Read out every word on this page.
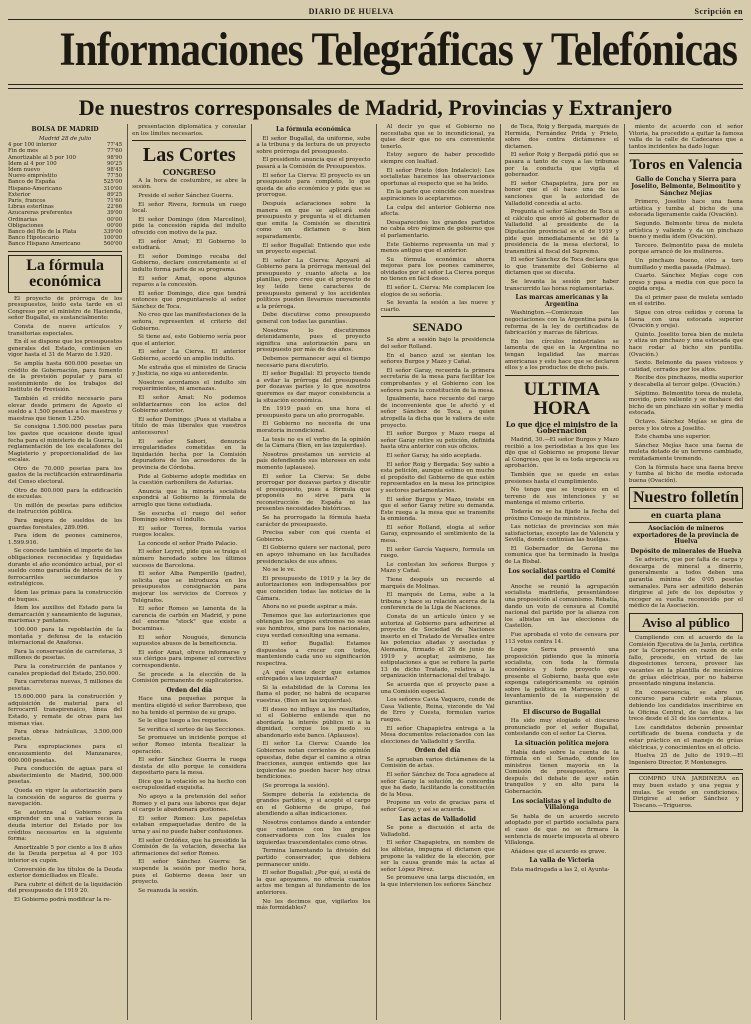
DIARIO DE HUELVA	Scripción en
Informaciones Telegráficas y Telefónicas
De nuestros corresponsales de Madrid, Provincias y Extranjero
BOLSA DE MADRID
Madrid 28 de julio
4 por 100 interior	77'45
Fin de mes	77'60
Amortizable al 5 por 100	98'90
Ídem al 4 por 100	90'25
Ídem nuevo	98'45
Nuevo empréstito	77'50
Banco de España	525'00
Hispano-Americano	310'00
Exterior	89'25
París, francos	71'60
Libras esterlinas	22'66
Azucareras preferentes	39'00
Ordinarias	00'00
Obligaciones	00'00
Banco del Río de la Plata	339'00
Banco Hipotecario	100'00
Banco Hispano Americano	560'00
La fórmula económica

El proyecto de prórroga de los presupuestos, leído esta tarde en el Congreso por el ministro de Hacienda, señor Bugallal, es sustancialmente:

Consta de nueve artículos y transitorias especiales.

En él se dispone que los presupuestos generales del Estado, continúen en vigor hasta el 31 de Marzo de 1.920.

Se amplía hasta 600.000 pesetas un crédito de Gobernación, para fomento de la previsión popular y para el sostenimiento de los trabajos del Instituto de Previsión.

También el crédito necesario para elevar desde primero de Agosto el sueldo a 1.500 pesetas a los maestros y maestras que tienen 1.250.

Se consigna 1.500.000 pesetas para los gastos que ocasione desde igual fecha para el ministerio de la Guerra, la reglamentación de los escalafones del Magisterio y proporcionalidad de las escalas.

Otro de 70.000 pesetas para los gastos de la rectificación extraordinaria del Censo electoral.

Otro de 800.000 para la edificación de escuelas.

Un millón de pesetas para edificios de instrucción pública.

Para mejora de sueldos de los guardas forestales, 289.096.

Para ídem de peones camineros, 1.599.916.

Se concede también el importe de las obligaciones reconocidas y liquidadas durante el año económico actual, por el sueldo como garantía de interés de los ferrocarriles secundarios y estratégicos.

Ídem las primas para la construcción de buques.

Ídem los auxilios del Estado para la demarcación y saneamiento de lagunas, marismas y pantanos.

100.000 para la repoblación de la montaña y defensa de la estación internacional de Anaforas.

Para la conservación de carreteras, 3 millones de pesetas.

Para la construcción de pantanos y canales propiedad del Estado, 250.000.

Para carreteras nuevas, 5 millones de pesetas.

15.600.000 para la construcción y adquisición de material para el ferrocarril transpirenaico, línea del Estado, y remate de otras para las mismas vías.

Para obras hidráulicas, 3.500.000 pesetas.

Para expropiaciones para el encauzamiento del Manzanares, 600.000 pesetas.

Para conducción de aguas para el abastecimiento de Madrid, 500.000 pesetas.

Queda en vigor la autorización para la concesión de seguros de guerra y navegación.

Se autoriza al Gobierno para emprender en una o varias veces la deuda interior del Estado por los créditos necesarios en la siguiente forma:

Amortizable 5 por ciento a los 8 años de la Deuda perpetua al 4 por 103 interior ex cupón.

Conversión de los títulos de la Deuda exterior domiciliados en Elcafe.

Para cubrir el déficit de la liquidación del presupuesto de 1919 20.

El Gobierno podrá modificar la re-

presentación diplomática y consular en los límites necesarios.

Las Cortes
CONGRESO

A la hora de costumbre, se abre la sesión.

Preside el señor Sánchez Guerra.

El señor Rivera, formula un ruego local.

El señor Domingo (don Marcelino), pide la concesión rápida del indulto ofrecido con motivo de la paz.

El señor Amat; El Gobierno lo estudiará.

El señor Domingo recaba del Gobierno, declare concretamente si el indulto forma parte de su programa.

El señor Amat, opone algunos reparos a la concesión.

El señor Domingo, dice que tendrá entonces que preguntarselo al señor Sánchez de Toca.

No creo que las manifestaciones de la señora, representen el criterio del Gobierno.

Si tiene así, este Gobierno sería peor que el anterior.

El señor La Cierva. El anterior Gobierno, acordó un amplio indulto.

Me extraña que el ministro de Gracia y Justicia, no siga su antecedente.

Nosotros acordamos el indulto sin requerimientos, ni amenazas.

El señor Amat: No podemos solidarizarnos con los actos del Gobierno anterior.

El señor Domingo: ¡Pues si visitaba a título de más liberales que vuestros antecesores!

El señor Sabori, denuncia irregularidades cometidas en la liquidación hecha por la Comisión depuradora de los acreedores de la provincia de Córdoba.

Pide al Gobierno adopte medidas en la cuestión carbonífera de Asturias.

Anuncia que la minoría socialista expondrá al Gobierno la fórmula de arreglo que tiene estudiada.

Se escucha el ruego del señor Domingo sobre el indulto.

El señor Torres, formula varios ruegos locales.

La concede el señor Prado Palacio.

El señor Leyret, pide que se traiga el número heredado sobre los últimos sucesos de Barcelona.

El señor Alba Pamperillo (padre), solicita que se introduzca en los presupuestos consignación para mejorar los servicios de Correos y Telégrafos.

El señor Romeo se lamenta de la carencia de carbón en Madrid, y pone del enorme "stock" que existe a bocaminas.

El señor Nougués, denuncia supuestos abusos de la beneficencia.

El señor Amat, ofrece informarse y sus clérigos para imponer el correctivo correspondiente.

Se procede a la elección de la Comisión permanente de suplicatorios.

Orden del día

Hace una pequeñas porque la mentira eligidó el señor Barrobeso, que no ha tenido el permiso de su grupo.

Se le elige luego a los requetes.

Se verifica el sorteo de las Secciones.

Se promueve un incidente porque el señor Romeo intenta fiscalizar la operación.

El señor Sánchez Guerra le ruega desista de ello porque le considera depositario para la mesa.

Dice que la votación se ha hecho con escrupulosidad exquisita.

No apoyo a la pretensión del señor Romeo y el para sus labores que dejar el cargo le abandonará gestiones.

El señor Romeo: Los papeletas estaban empaquetadas dentro de la urna y así no puede haber confusiones.

El señor Ordóñez, que ha presidido la Comisión de la votación, desecha las afirmaciones del señor Romeo.

El señor Sánchez Guerra: Se suspende la sesión por medio hora, pues el Gobierno desea leer un proyecto.

Se reanuda la sesión.

La fórmula económica

El señor Bugallal, da uniforme, sube a la tribuna y da lectura de un proyecto sobre prórroga del presupuesto.

El presidente anuncia que el proyecto pasará a la Comisión de Presupuestos.

El señor La Cierva: El proyecto es un presupuesto para completo, lo que queda de año económico y pide que se prorrogue.

Después aclaraciones sobre la manera en que se aplicará este presupuesto y pregunta si el dictamen que emita la Comisión se discutirá como un dictamen o bien separadamente.

El señor Bugallal: Entiendo que este un proyecto especial.

El señor La Cierva: Apoyaré al Gobierno para la prórroga mensual del presupuesto y cuanto afecta a los planillas, pero creo que el proyecto de ley leído tiene caracteres de presupuesto general y los accidentes políticos pueden llevarnos nuevamente a la prórroga.

Debe discutirse como presupuesto general con todas las garantías.

Nosotros lo discutiremos detenidamente, pues el proyecto significa una autorización para un presupuesto por más de dos años.

Debemos permanecer aquí el tiempo necesario para discutirlo.

El señor Bugallal: El proyecto tiende a evitar la prórroga del presupuesto por dozavas partes y lo que nosotros queremos es dar mayor consistencia a la situación económica.

En 1919 pasó en una hora el presupuesto para un año prorrogable.

El Gobierno no necesita de una moratoria incondicional.

La tesis no es el verbo de la opinión de la Cámara (Bien, en las izquierdas).

Nosotros prestamos un servicio al país defendiendo sus intereses en este momento (aplausos).

El señor La Cierva: Se debe prorrogar por dozavas partes y discutir el presupuesto, pues a fórmula que proponéis no sirve para la reconstrucción de España ni las presentes necesidades históricas.

Se ha prorrogado la fórmula hasta carácter de presupuesto.

Precisa saber con qué cuenta el Gobierno.

El Gobierno quiere ser nacional, pero en apoyo inhumano en las facultades presidenciales de sus afines.

No se le ve.

El presupuesto de 1919 y la ley de autorizaciones son indispensables por que coinciden todas las noticias de la Cámara.

Ahora no se puede aspirar a más.

Tenemos que las autorizaciones que obtengan los grupos extremos no sean sus hombros, sino para los nacionales, cuya verdad consulting una semana.

El señor Bugallal: Estamos dispuestos a crecer con todos, manteniendo cada uno su significación respectiva.

¿A qué viene decir que estamos entregados a las izquierdas?

Si la estabilidad de la Corona les flama el poder, no habrá de ocuparse vuestras. (Bien en las izquierdas).

El deseo no influye a los resultados, si el Gobierno entiende que no abordaría la interés público ni a la dignidad, cerque los puedo su abandonarlo este banco. (Aplausos).

El señor La Cierva: Cuando los Gobiernos notan corrientes de opinión opuestas, debe dejar el camino a otras fracciones, aunque entiendo que las izquierdas no pueden hacer hoy otras bendiciones.

(Se prorroga la sesión).

Siempre debería la existencia de grandes partidos, y si acepté el cargo en el Gobierno de grupo, fué atendiendo a altas indicaciones.

Nosotros contamos dando a entender que contamos con los grupos conservadores con los cuales los izquierdas trascendentales como otras.

Termina lamentando la división del partido conservador, que debiera permanecer unido.

El señor Bugallal: ¿Por qué, si está de la que apoyamos, no ofrecía cuantos actos me tengan al fundamento de los anteriores.

No les decimos que, vigilarlos los más formidables?

Al decir yo que el Gobierno no necesitaba que se lo incondicional, ya quise decir que no era conveniente tenerlo.

Estoy seguro de haber procedido siempre con lealtad.

El señor Prieto (don Indalecio): Los socialistas hacemos las observaciones oportunas al respecto que se ha leído.

En la parte que coincide con nuestras aspiraciones lo aceptaremos.

La culpa del anterior Gobierno nos afecta.

Desaparecidos los grandes partidos no cabía otro régimen de gobierno que el parlamentario.

Este Gobierno representa un mal y menos antiguo que el anterior.

Su fórmula económica ahorra mejoras para los peones camineros, olvidados por el señor La Cierva porque no tienen en fácil deseo.

El señor L. Cierva: Me complacen los elogios de su señoría.

Se levanta la sesión a las nueve y cuarto.

SENADO

Se abre a sesión bajo la presidencia del señor Rolland.

En el banco azul se sientan los señores Burgos y Mazo y Cañal.

El señor Garay, recuerda la primera secretaría de la mesa para facilitar los comprobantes y el Gobierno con los señores para la constitución de la mesa.

Igualmente, hace recuento del cargo de inconveniente que le afectó y el señor Sánchez de Toca, a quien atropella la dicha que le valiera de este proyecto.

El señor Burgos y Mazo ruega al señor Garay retire su petición, definida hasta otra anterior con sus oficios.

El señor Garay, ha sido aceptada.

El señor Roig y Bergada: Soy sabio a esta petición, aunque estimo en mucho el propósito del Gobierno de que estén representados en la mesa los principios y sectores parlamentarios.

El señor Burgos y Mazo, insiste en que el señor Garay retire su demanda. Éste ruega a la mesa que se transmite la enmienda.

El señor Rolland, elogia al señor Garay, expresando el sentimiento de la mesa.

El señor García Vaquero, formula un ruego.

Le contestan los señores Burgos y Mazo y Cañal.

Tiene después un recuerdo al marqués de Molinas.

El marqués de Lema, sube a la tribuna y hace su relación acerca de la conferencia de la Liga de Naciones.

Consta de un artículo único y se autoriza al Gobierno para adherirse al proyecto de Sociedad de Naciones inserto en el Tratado de Versalles entre las potencias aliadas y asociadas y Alemania, firmado el 28 de junio de 1919 y aceptar, asimismo, las estipulaciones a que se refiere la parte 13 de dicho Tratado, relativa a la organización internacional del trabajo.

Se acuerda que el proyecto pase a una Comisión especial.

Los señores Cavia Vaquero, conde de Casa Valiente, Reina, vizconde de Val de Erro y Cuesta, formulan varios ruegos.

El señor Chapapietra entrega a la Mesa documentos relacionados con las elecciones de Valladolid y Sevilla.

Orden del día

Se aprueban varios dictámenes de la Comisión de actas.

El señor Sánchez de Toca agradece al señor Garay la solución, de concordia que ha dado, facilitando la constitución de la Mesa.

Propone un voto de gracias para el señor Garay, y así se acuerda.

Las actas de Valladolid

Se pone a discusión el acta de Valladolid.

El señor Chapapietra, en nombre de los albistas, impugna el dictamen que propone la validez de la elección, por ser la causa grande más la actas al señor López Pérez.

Se promueve una larga discusión, en la que intervienen los señores Sánchez

de Toca, Roig y Bergadá, marqués de Hermida, Fernández Prida y Prieto, sobre dos contra dictámenes el dictamen.

El señor Roig y Bergadá pidió que se pasara a tanto de cuya a las tribunas por la conducta que vigila el gobernador.

El señor Chapapietra, jura por su honor que el él hace una de las sanciones que la autoridad de Valladolid concedía al acto.

Pregunta el señor Sánchez de Toca si el cálculo que envió al gobernador de Valladolid al presidente de la Diputación provincial es el de 1919 y pide que inmediatamente se dé la presidencia de la mesa electoral, lo transmitirá al fiscal del Supremo.

El señor Sánchez de Toca declara que lo que transmite del Gobierno al dictamen que se discuta.

Se levanta la sesión por haber transcurrido las horas reglamentarias.

Las marcas americanas y la Argentina

Washington.—Comienzan las negociaciones con la Argentina para la reforma de la ley de certificados de fabricación y marcas de fábricas.

En los círculos industriales se lamenta de que en la Argentina no tengan legalidad las marcas americanas y esto hace que se declaren ellos y a los productos de dicho país.

ULTIMA HORA
Lo que dice el ministro de la Gobernación

Madrid, 30.—El señor Burgos y Mazo recibió a los periodistas a los que les dijo que el Gobierno se propone llevar al Congreso, que le es toda urgencia su aprobación.

También que se quede en estas presiones hasta el cumplimiento.

No tengo que se tropiece en el terreno de sus intenciones y se mantenga el mismo criterio.

Todavía no se ha fijado la fecha del próximo Consejo de ministros.

Las noticias de provincias son más satisfactorias, excepto las de Valencia y Sevilla, donde continúan las huelgas.

El Gobernador de Gerona me comunica que ha terminado la huelga de La Bisbal.

Los socialistas contra el Comité del partido

Anoche se reunió la agrupación socialista madrileña, presentándose una proposición al comunismo. Rebatía, dando un voto de censura al Comité nacional del partido por la alianza con los albistas en las elecciones de Castellón.

Fue aprobada el voto de censura por 113 votos contra 14.

Logos Serra presentó una proposición pidiendo que la minoría socialista, con toda la fórmula económica y todo proyecto que presente el Gobierno, basta que este exponga categóricamente su opinión sobre la política en Marruecos y el levantamiento de la suspensión de garantías.

El discurso de Bugallal

Ha sido muy elogiado el discurso pronunciado por el señor Bugallal, contestando con el señor La Cierva.

La situación política mejora

Había dado sobre la cuenta de la fórmula en el Senado, donde los ministros tienen mayoría en la Comisión de presupuestos, pero después del debate de ayer están tranquilos y en alto para la Gobernación.

Los socialistas y el indulto de Villalonga

Se habla de un acuerdo secreto adoptado por el partido socialista para el caso de que no se firmara la sentencia de muerte impuesta al obrero Villalonga.

Añádese que el acuerdo es grave.

La valla de Victoria

Esta madrugada a las 2, el Ayunta-

miento de acuerdo con el señor Vitoria, ha procedido a quitar la famosa valla de la calle de Cadecanes que a tantos incidentes ha dado lugar.

Toros en Valencia
Gallo de Concha y Sierra para Joselito, Belmonte, Belmontito y Sánchez Mejías

Primero, Joselito hace una faena artística y tumba al bicho de una estocada ligeramente caída (Ovación).

Segundo. Belmonte tirea de muleta artística y valiente y da un pinchazo bueno y media ídem (Ovación).

Tercero. Belmontito pasa de muleta porque arrancó de los mulineros.

Un pinchazo bueno, otro a toro humillado y media pasada (Palmas).

Cuarto. Sánchez Mejías coge con preso y pasa a media con que poco la cogida oreja.

Da el primer pase de muleta sentado en el estribo.

Sigue con otros ceñidos y corona la faena con una estocada superior (Ovación y oreja).

Quinto. Joselito torea bien de muleta y atiza un pinchazo y una estocada que hace rodar al bicho sin puntilla. (Ovación.)

Sexto. Belmonte da pases vistosos y catidad, cerrados por los altos.

Recibe dos pinchazos, media superior y descabella al tercer golpe. (Ovación.)

Séptimo. Belmontito torea de muleta, movido, pero valiente y se deshace del bicho de un pinchazo sin soltar y media estocada.

Octavo. Sánchez Mejías se gira de peros y los otros a Joselito.

Este chamba uno superior.

Sánchez Mejías hace una faena de muleta dotado de un terreno cambiado, remitadamente tremendo.

Con la fórmula hace una faena breve y tumba al bicho de media estocada buena (Ovación).

Nuestro folletín
en cuarta plana
Asociación de mineros exportadores de la provincia de Huelva
Depósito de minerales de Huelva

Se advierte, que por falta de carga y descarga de mineral a dinerrio, generalmente a todos deben una garantía mínima de 0'05 pesetas semanales. Para ser admitido deberán dirigirse al jefe de los depósitos y recoger su vuelta reconocido por el médico de la Asociación.

Aviso al público

Cumpliendo con el acuerdo de la Comisión Ejecutiva de la Junta, certifica por la Corporación en razón de este fallo, procede, en virtud de las disposiciones tercera, proveer las vacantes en la plantilla de mecánicos de grúas eléctricas, por no haberse presentado ninguna instancia.

En consecuencia, se abre un concurso para cubrir esta plazas, debiendo los candidatos inscribirse en la Oficina Central, de las diez a las trece desde el 31 de los corrientes.

Los candidatos deberán presentar certificado de buena conducta y de estar práctico en el manejo de grúas eléctricas, y conocimientos en el oficio.

Huelva 25 de Julio de 1919.—El Ingeniero Director, P. Montenegro.

COMPRO UNA JARDINERA en muy buen estado y una yegua y mulas. Se vende en condiciones. Dirigirse al señor Sánchez y Toscano.—Trigueros.
